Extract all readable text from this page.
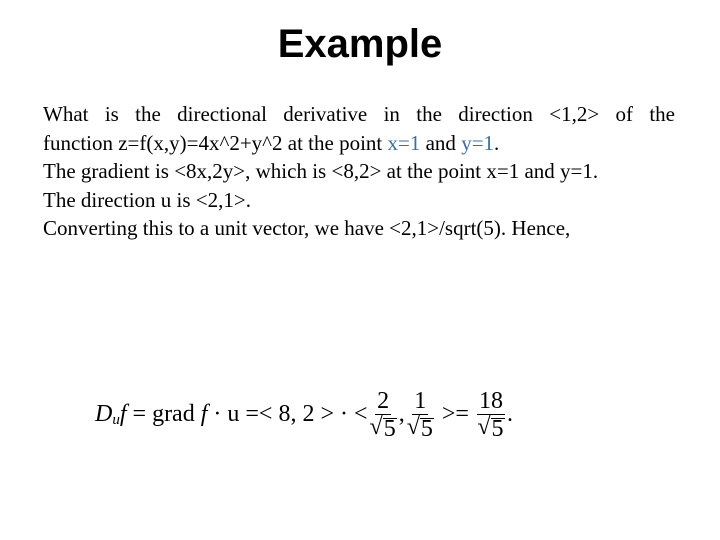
Example
What is the directional derivative in the direction <1,2> of the
function z=f(x,y)=4x^2+y^2 at the point x=1 and y=1.
The gradient is <8x,2y>, which is <8,2> at the point x=1 and y=1.
The direction u is <2,1>.
Converting this to a unit vector, we have <2,1>/sqrt(5). Hence,
D u f = grad f · u =< 8, 2 > · < $\frac{2}{√ 5}$ , $\frac{1}{√ 5} >= \frac{18}{√ 5}$ .
